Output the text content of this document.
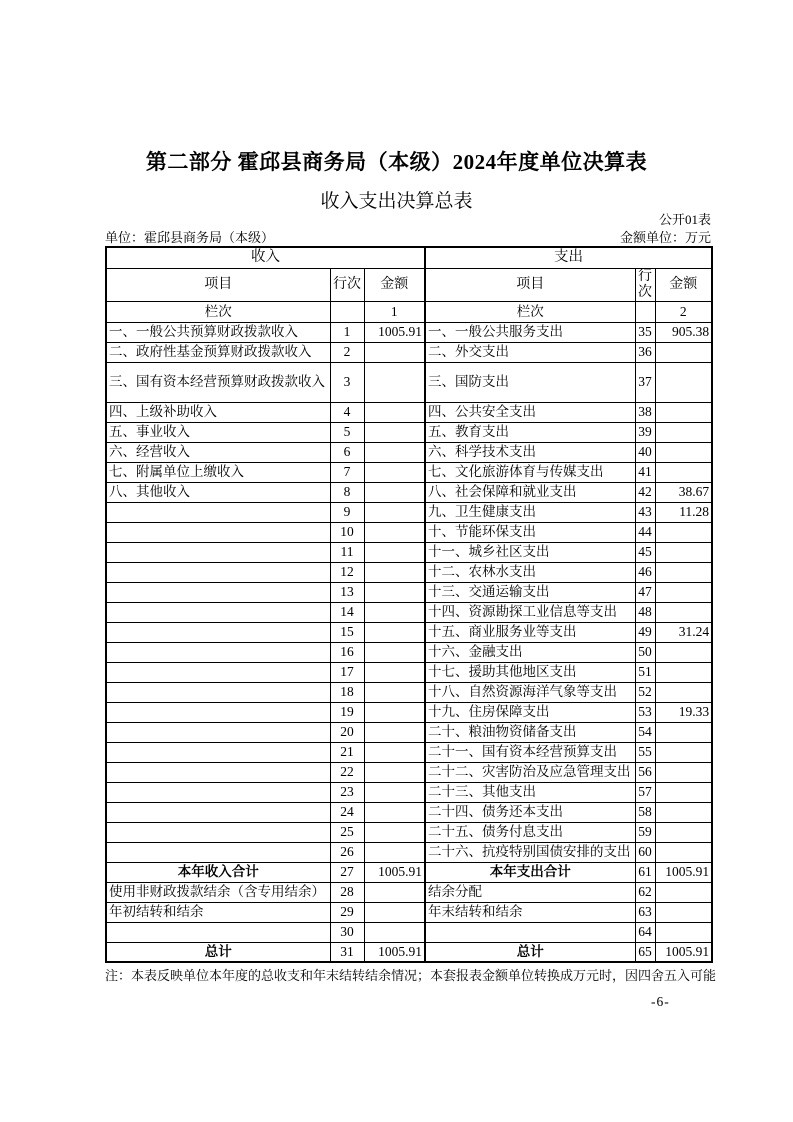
第二部分 霍邱县商务局（本级）2024年度单位决算表
收入支出决算总表
公开01表
单位：霍邱县商务局（本级）	金额单位：万元
收入			支出		
项目	行次	金额	项目	行次	金额
栏次		1	栏次		2
一、一般公共预算财政拨款收入	1	1005.91	一、一般公共服务支出	35	905.38
二、政府性基金预算财政拨款收入	2		二、外交支出	36	
三、国有资本经营预算财政拨款收入	3		三、国防支出	37	
四、上级补助收入	4		四、公共安全支出	38	
五、事业收入	5		五、教育支出	39	
六、经营收入	6		六、科学技术支出	40	
七、附属单位上缴收入	7		七、文化旅游体育与传媒支出	41	
八、其他收入	8		八、社会保障和就业支出	42	38.67
	9		九、卫生健康支出	43	11.28
	10		十、节能环保支出	44	
	11		十一、城乡社区支出	45	
	12		十二、农林水支出	46	
	13		十三、交通运输支出	47	
	14		十四、资源勘探工业信息等支出	48	
	15		十五、商业服务业等支出	49	31.24
	16		十六、金融支出	50	
	17		十七、援助其他地区支出	51	
	18		十八、自然资源海洋气象等支出	52	
	19		十九、住房保障支出	53	19.33
	20		二十、粮油物资储备支出	54	
	21		二十一、国有资本经营预算支出	55	
	22		二十二、灾害防治及应急管理支出	56	
	23		二十三、其他支出	57	
	24		二十四、债务还本支出	58	
	25		二十五、债务付息支出	59	
	26		二十六、抗疫特别国债安排的支出	60	
本年收入合计	27	1005.91	本年支出合计	61	1005.91
使用非财政拨款结余（含专用结余）	28		结余分配	62	
年初结转和结余	29		年末结转和结余	63	
	30			64	
总计	31	1005.91	总计	65	1005.91
注：本表反映单位本年度的总收支和年末结转结余情况；本套报表金额单位转换成万元时，因四舍五入可能
-6-
